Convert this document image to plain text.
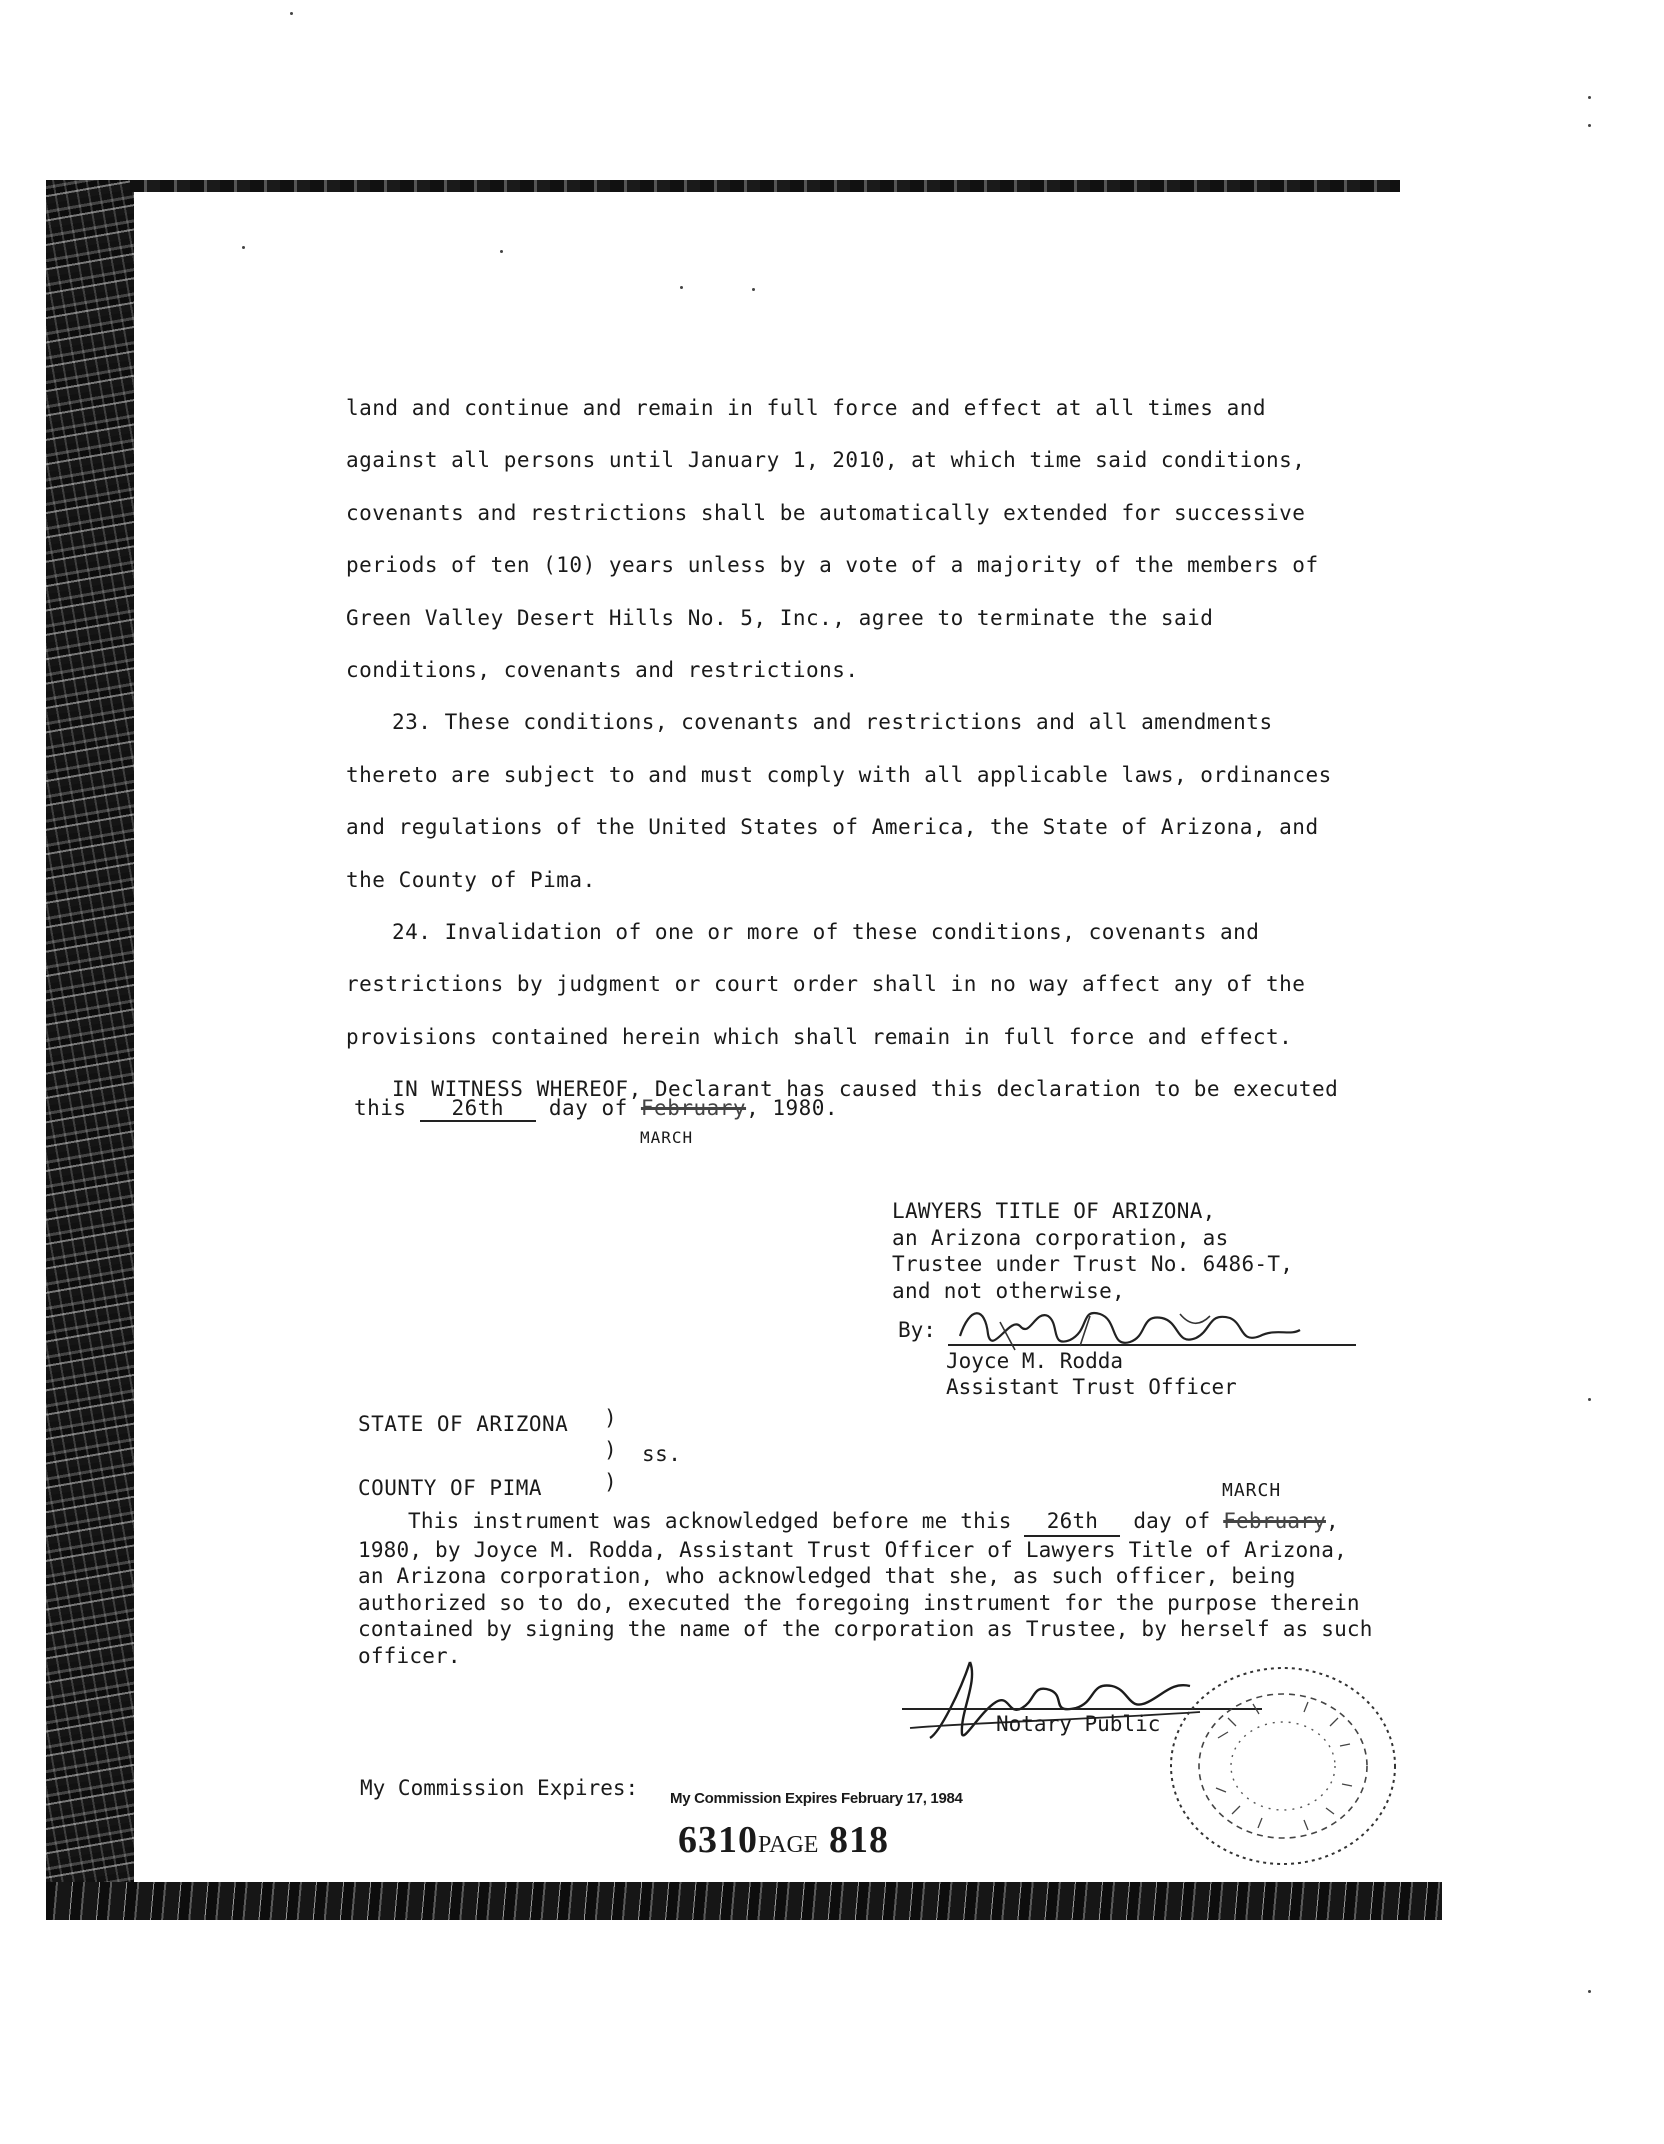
land and continue and remain in full force and effect at all times and against all persons until January 1, 2010, at which time said conditions, covenants and restrictions shall be automatically extended for successive periods of ten (10) years unless by a vote of a majority of the members of Green Valley Desert Hills No. 5, Inc., agree to terminate the said conditions, covenants and restrictions.
23. These conditions, covenants and restrictions and all amendments thereto are subject to and must comply with all applicable laws, ordinances and regulations of the United States of America, the State of Arizona, and the County of Pima.
24. Invalidation of one or more of these conditions, covenants and restrictions by judgment or court order shall in no way affect any of the provisions contained herein which shall remain in full force and effect.
IN WITNESS WHEREOF, Declarant has caused this declaration to be executed
this 26th day of February, 1980.
MARCH
LAWYERS TITLE OF ARIZONA,
an Arizona corporation, as
Trustee under Trust No. 6486-T,
and not otherwise,
By:
Joyce M. Rodda
Assistant Trust Officer
STATE OF ARIZONA
COUNTY OF PIMA
)
)
)
ss.
MARCH

This instrument was acknowledged before me this 26th day of February, 1980, by Joyce M. Rodda, Assistant Trust Officer of Lawyers Title of Arizona, an Arizona corporation, who acknowledged that she, as such officer, being authorized so to do, executed the foregoing instrument for the purpose therein contained by signing the name of the corporation as Trustee, by herself as such officer.

Notary Public
My Commission Expires: My Commission Expires February 17, 1984
6310PAGE 818
